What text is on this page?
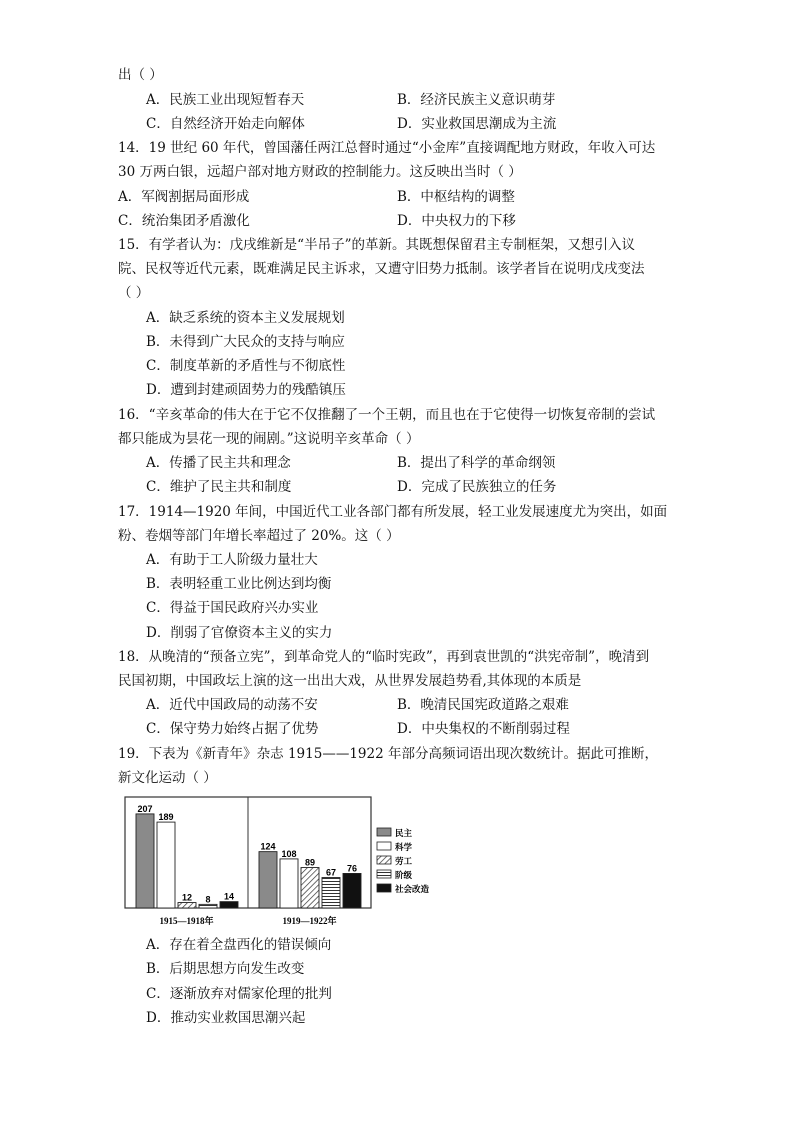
出（ ）
A．民族工业出现短暂春天	B．经济民族主义意识萌芽
C．自然经济开始走向解体	D．实业救国思潮成为主流
14．19 世纪 60 年代，曾国藩任两江总督时通过“小金库”直接调配地方财政，年收入可达
30 万两白银，远超户部对地方财政的控制能力。这反映出当时（ ）
A．军阀割据局面形成	B．中枢结构的调整
C．统治集团矛盾激化	D．中央权力的下移
15．有学者认为：戊戌维新是“半吊子”的革新。其既想保留君主专制框架，又想引入议
院、民权等近代元素，既难满足民主诉求，又遭守旧势力抵制。该学者旨在说明戊戌变法
（ ）
A．缺乏系统的资本主义发展规划
B．未得到广大民众的支持与响应
C．制度革新的矛盾性与不彻底性
D．遭到封建顽固势力的残酷镇压
16．“辛亥革命的伟大在于它不仅推翻了一个王朝，而且也在于它使得一切恢复帝制的尝试
都只能成为昙花一现的闹剧。”这说明辛亥革命（ ）
A．传播了民主共和理念	B．提出了科学的革命纲领
C．维护了民主共和制度	D．完成了民族独立的任务
17．1914—1920 年间，中国近代工业各部门都有所发展，轻工业发展速度尤为突出，如面
粉、卷烟等部门年增长率超过了 20%。这（ ）
A．有助于工人阶级力量壮大
B．表明轻重工业比例达到均衡
C．得益于国民政府兴办实业
D．削弱了官僚资本主义的实力
18．从晚清的“预备立宪”，到革命党人的“临时宪政”，再到袁世凯的“洪宪帝制”，晚清到
民国初期，中国政坛上演的这一出出大戏，从世界发展趋势看,其体现的本质是
A．近代中国政局的动荡不安	B．晚清民国宪政道路之艰难
C．保守势力始终占据了优势	D．中央集权的不断削弱过程
19．下表为《新青年》杂志 1915——1922 年部分高频词语出现次数统计。据此可推断，
新文化运动（ ）
207
189
12 8 14
1915—1918年
124
108
89
67 76
1919—1922年
民主
科学
劳工
阶级
社会改造
A．存在着全盘西化的错误倾向
B．后期思想方向发生改变
C．逐渐放弃对儒家伦理的批判
D．推动实业救国思潮兴起
